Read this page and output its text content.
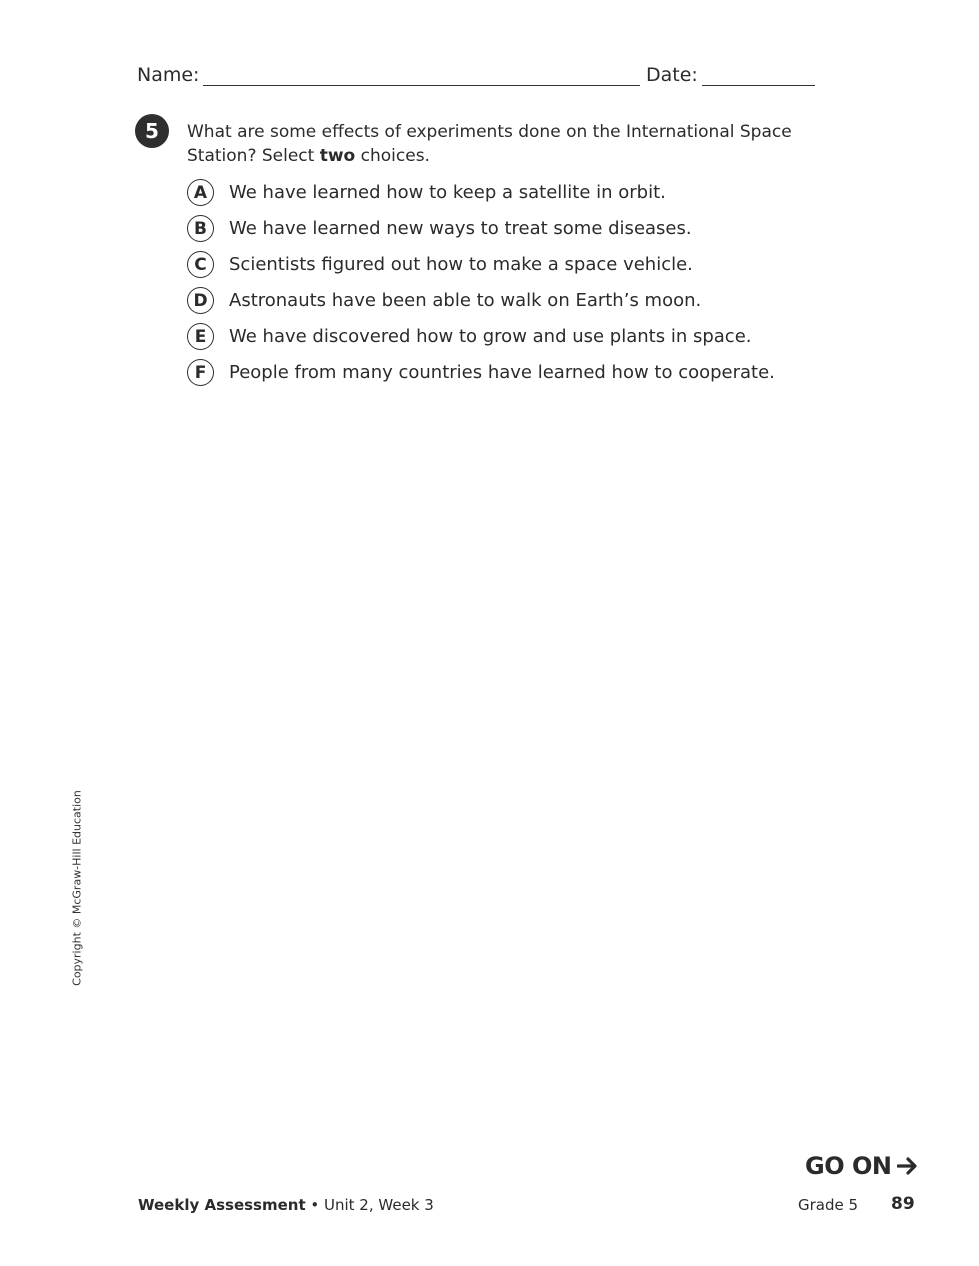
Name:	Date:
5 What are some effects of experiments done on the International Space Station? Select two choices.
A	We have learned how to keep a satellite in orbit.
B	We have learned new ways to treat some diseases.
C	Scientists figured out how to make a space vehicle.
D	Astronauts have been able to walk on Earth’s moon.
E	We have discovered how to grow and use plants in space.
F	People from many countries have learned how to cooperate.
Copyright © McGraw-Hill Education
GO ON
Weekly Assessment • Unit 2, Week 3	Grade 5 89
